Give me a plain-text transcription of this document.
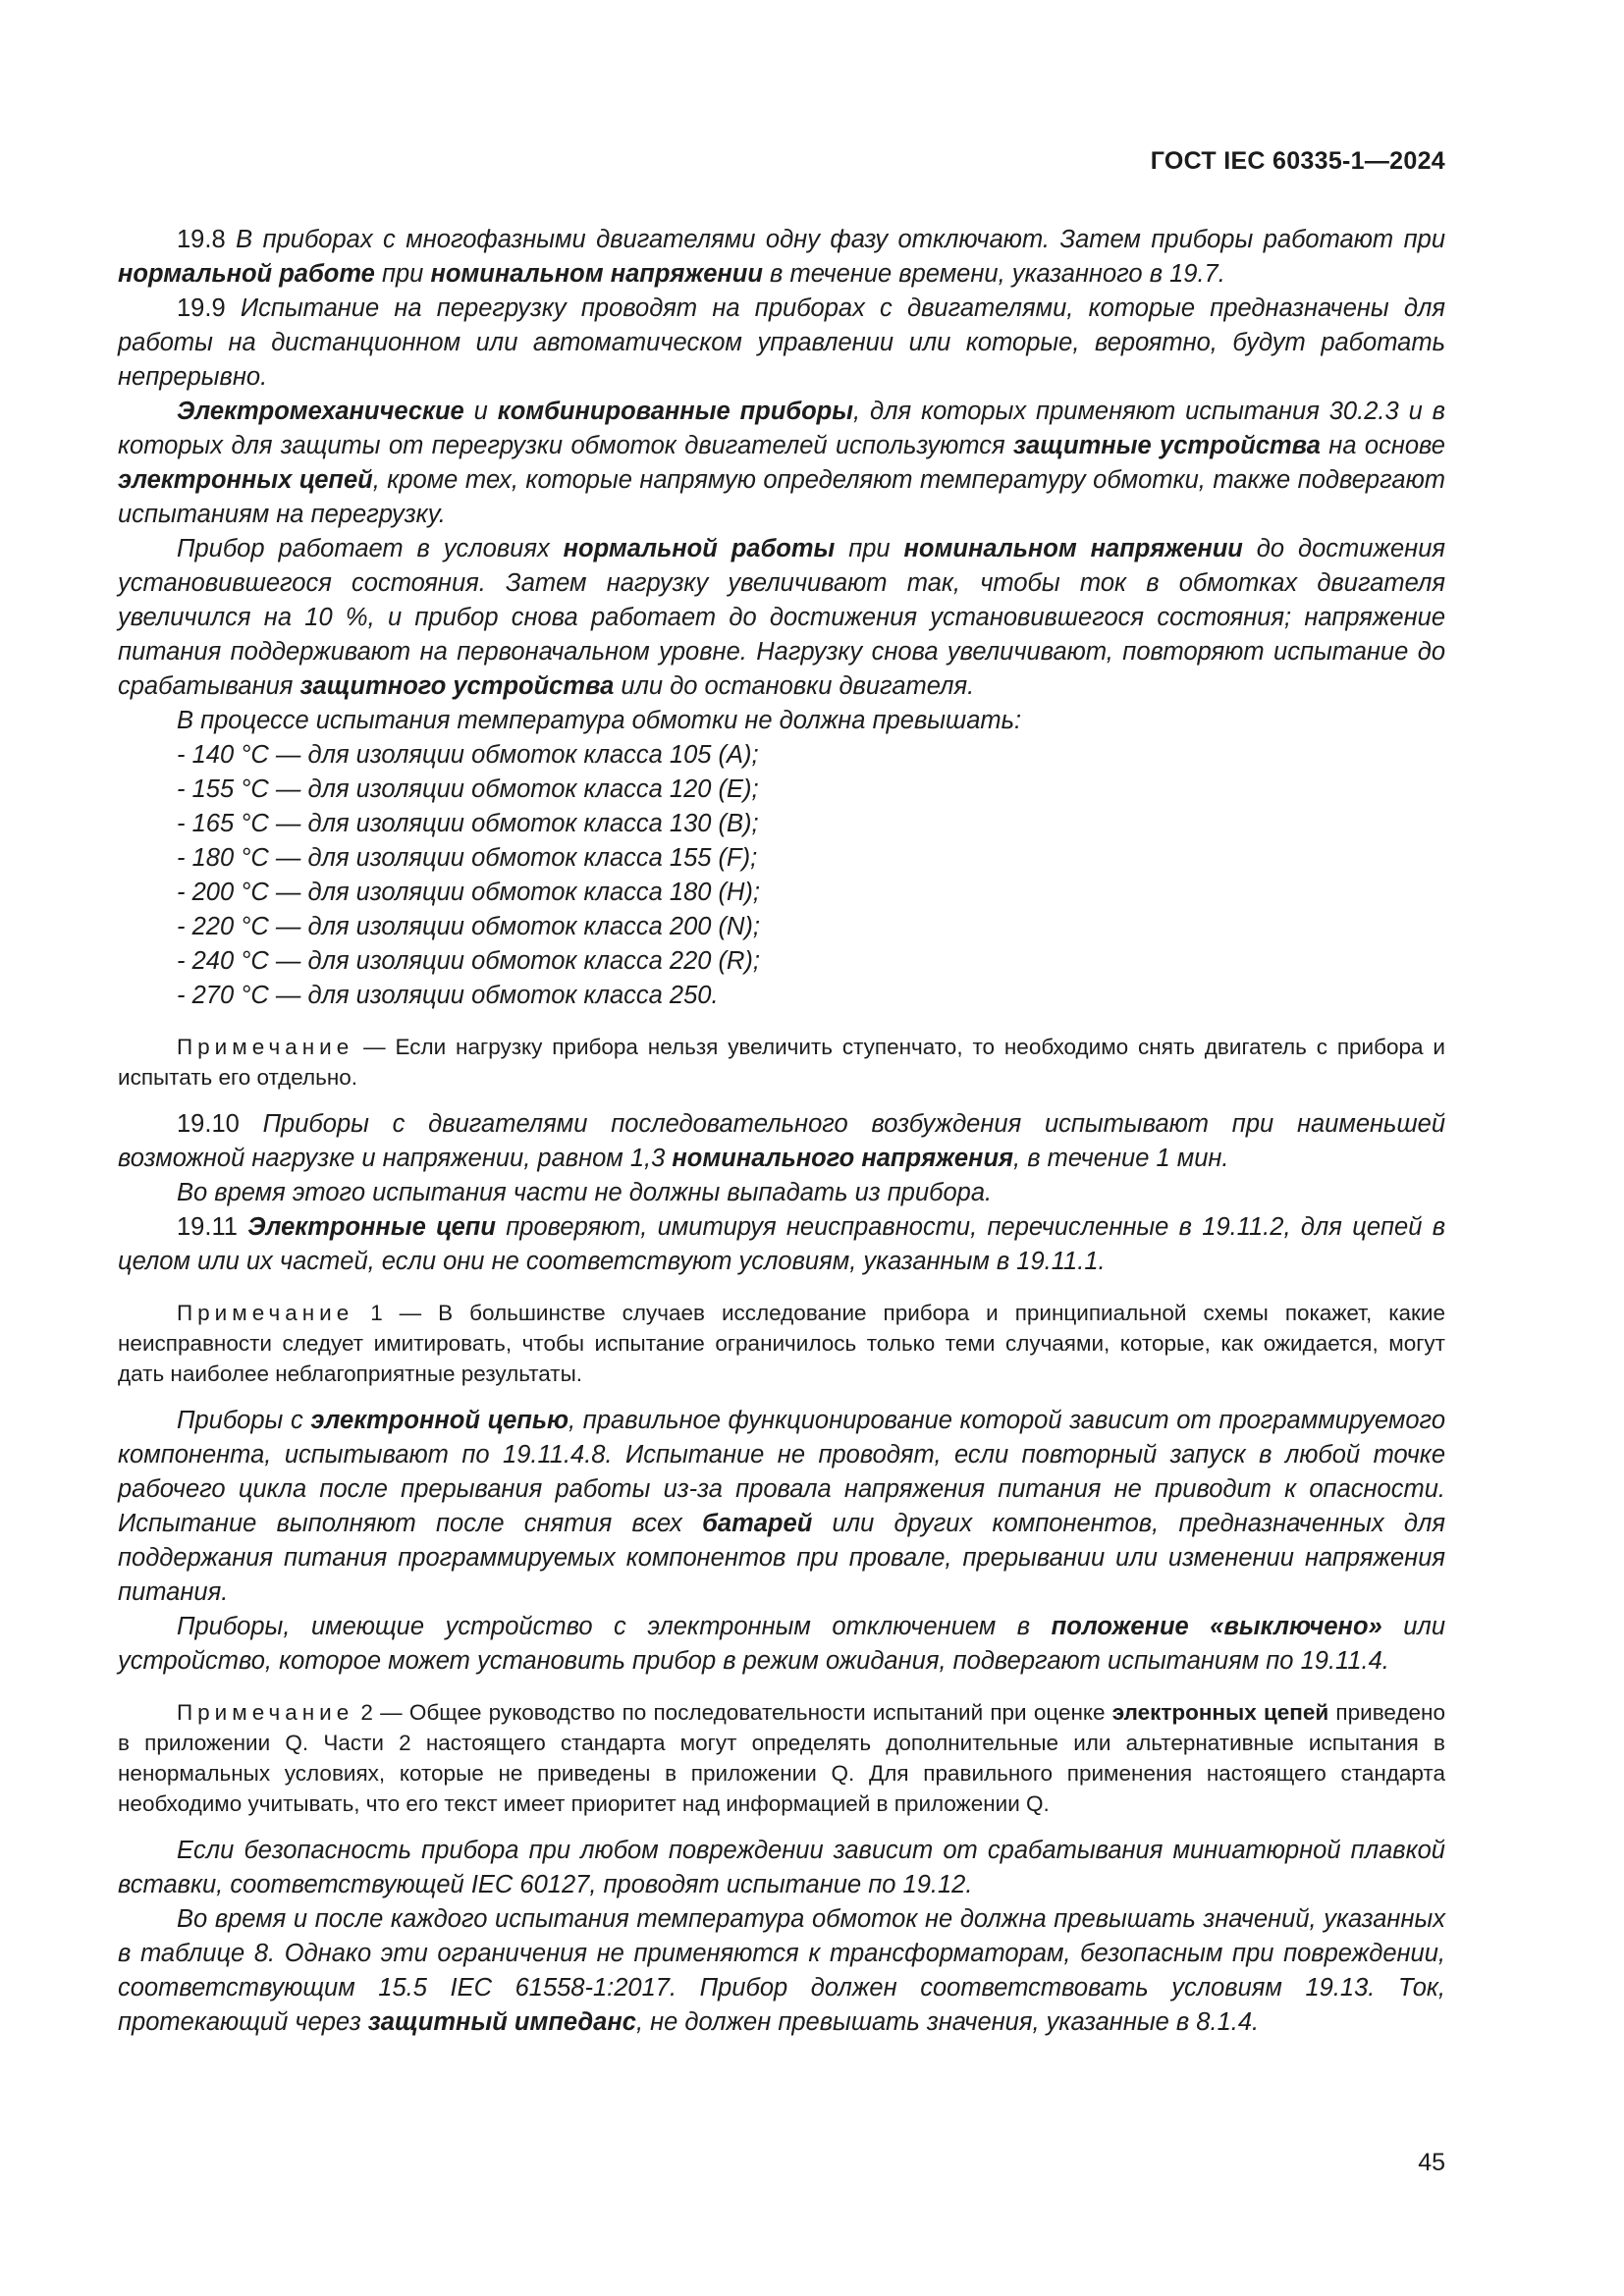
ГОСТ IEC 60335-1—2024

19.8 В приборах с многофазными двигателями одну фазу отключают. Затем приборы работают при нормальной работе при номинальном напряжении в течение времени, указанного в 19.7.

19.9 Испытание на перегрузку проводят на приборах с двигателями, которые предназначены для работы на дистанционном или автоматическом управлении или которые, вероятно, будут работать непрерывно.

Электромеханические и комбинированные приборы, для которых применяют испытания 30.2.3 и в которых для защиты от перегрузки обмоток двигателей используются защитные устройства на основе электронных цепей, кроме тех, которые напрямую определяют температуру обмотки, также подвергают испытаниям на перегрузку.

Прибор работает в условиях нормальной работы при номинальном напряжении до достижения установившегося состояния. Затем нагрузку увеличивают так, чтобы ток в обмотках двигателя увеличился на 10 %, и прибор снова работает до достижения установившегося состояния; напряжение питания поддерживают на первоначальном уровне. Нагрузку снова увеличивают, повторяют испытание до срабатывания защитного устройства или до остановки двигателя.

В процессе испытания температура обмотки не должна превышать:

- 140 °С — для изоляции обмоток класса 105 (А);

- 155 °С — для изоляции обмоток класса 120 (Е);

- 165 °С — для изоляции обмоток класса 130 (В);

- 180 °С — для изоляции обмоток класса 155 (F);

- 200 °С — для изоляции обмоток класса 180 (Н);

- 220 °С — для изоляции обмоток класса 200 (N);

- 240 °С — для изоляции обмоток класса 220 (R);

- 270 °С — для изоляции обмоток класса 250.

Примечание — Если нагрузку прибора нельзя увеличить ступенчато, то необходимо снять двигатель с прибора и испытать его отдельно.

19.10 Приборы с двигателями последовательного возбуждения испытывают при наименьшей возможной нагрузке и напряжении, равном 1,3 номинального напряжения, в течение 1 мин.

Во время этого испытания части не должны выпадать из прибора.

19.11 Электронные цепи проверяют, имитируя неисправности, перечисленные в 19.11.2, для цепей в целом или их частей, если они не соответствуют условиям, указанным в 19.11.1.

Примечание 1 — В большинстве случаев исследование прибора и принципиальной схемы покажет, какие неисправности следует имитировать, чтобы испытание ограничилось только теми случаями, которые, как ожидается, могут дать наиболее неблагоприятные результаты.

Приборы с электронной цепью, правильное функционирование которой зависит от программируемого компонента, испытывают по 19.11.4.8. Испытание не проводят, если повторный запуск в любой точке рабочего цикла после прерывания работы из-за провала напряжения питания не приводит к опасности. Испытание выполняют после снятия всех батарей или других компонентов, предназначенных для поддержания питания программируемых компонентов при провале, прерывании или изменении напряжения питания.

Приборы, имеющие устройство с электронным отключением в положение «выключено» или устройство, которое может установить прибор в режим ожидания, подвергают испытаниям по 19.11.4.

Примечание 2 — Общее руководство по последовательности испытаний при оценке электронных цепей приведено в приложении Q. Части 2 настоящего стандарта могут определять дополнительные или альтернативные испытания в ненормальных условиях, которые не приведены в приложении Q. Для правильного применения настоящего стандарта необходимо учитывать, что его текст имеет приоритет над информацией в приложении Q.

Если безопасность прибора при любом повреждении зависит от срабатывания миниатюрной плавкой вставки, соответствующей IEC 60127, проводят испытание по 19.12.

Во время и после каждого испытания температура обмоток не должна превышать значений, указанных в таблице 8. Однако эти ограничения не применяются к трансформаторам, безопасным при повреждении, соответствующим 15.5 IEC 61558-1:2017. Прибор должен соответствовать условиям 19.13. Ток, протекающий через защитный импеданс, не должен превышать значения, указанные в 8.1.4.

45
